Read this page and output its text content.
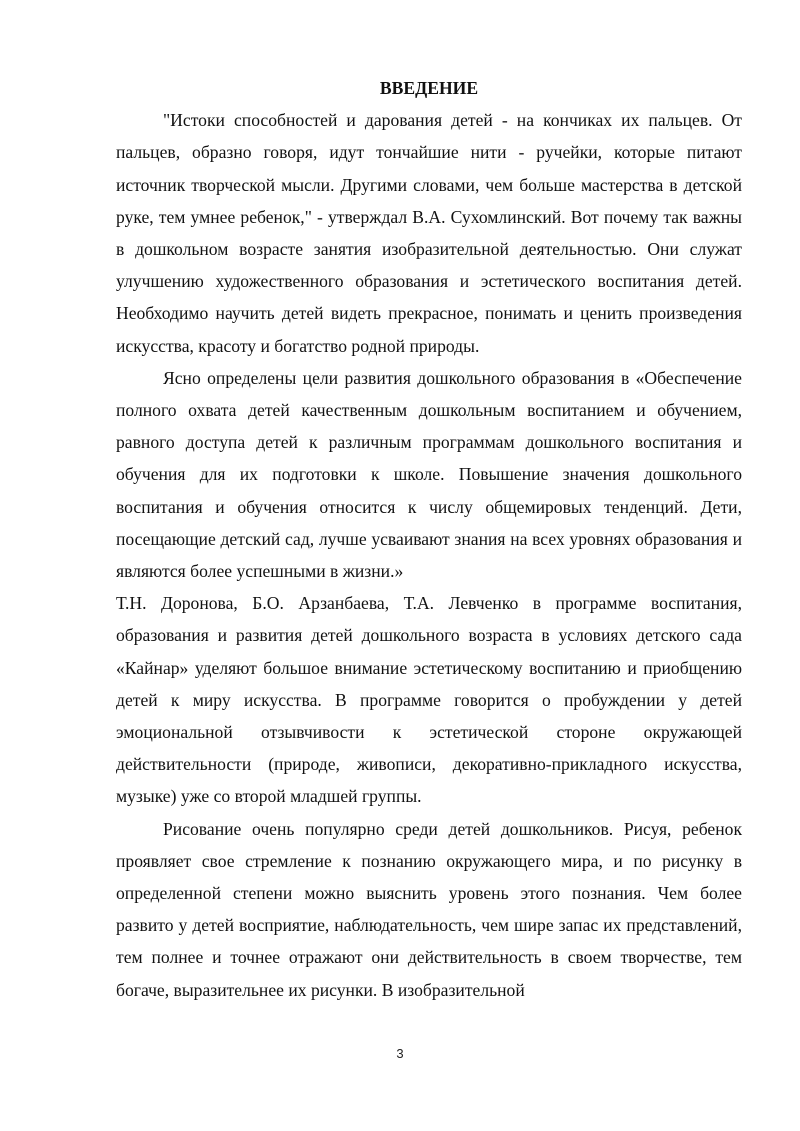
ВВЕДЕНИЕ

"Истоки способностей и дарования детей - на кончиках их пальцев. От пальцев, образно говоря, идут тончайшие нити - ручейки, которые питают источник творческой мысли. Другими словами, чем больше мастерства в детской руке, тем умнее ребенок," - утверждал В.А. Сухомлинский. Вот почему так важны в дошкольном возрасте занятия изобразительной деятельностью. Они служат улучшению художественного образования и эстетического воспитания детей. Необходимо научить детей видеть прекрасное, понимать и ценить произведения искусства, красоту и богатство родной природы.

Ясно определены цели развития дошкольного образования в «Обеспечение полного охвата детей качественным дошкольным воспитанием и обучением, равного доступа детей к различным программам дошкольного воспитания и обучения для их подготовки к школе. Повышение значения дошкольного воспитания и обучения относится к числу общемировых тенденций. Дети, посещающие детский сад, лучше усваивают знания на всех уровнях образования и являются более успешными в жизни.»

Т.Н. Доронова, Б.О. Арзанбаева, Т.А. Левченко в программе воспитания, образования и развития детей дошкольного возраста в условиях детского сада «Кайнар» уделяют большое внимание эстетическому воспитанию и приобщению детей к миру искусства. В программе говорится о пробуждении у детей эмоциональной отзывчивости к эстетической стороне окружающей действительности (природе, живописи, декоративно-прикладного искусства, музыке) уже со второй младшей группы.

Рисование очень популярно среди детей дошкольников. Рисуя, ребенок проявляет свое стремление к познанию окружающего мира, и по рисунку в определенной степени можно выяснить уровень этого познания. Чем более развито у детей восприятие, наблюдательность, чем шире запас их представлений, тем полнее и точнее отражают они действительность в своем творчестве, тем богаче, выразительнее их рисунки. В изобразительной

3
